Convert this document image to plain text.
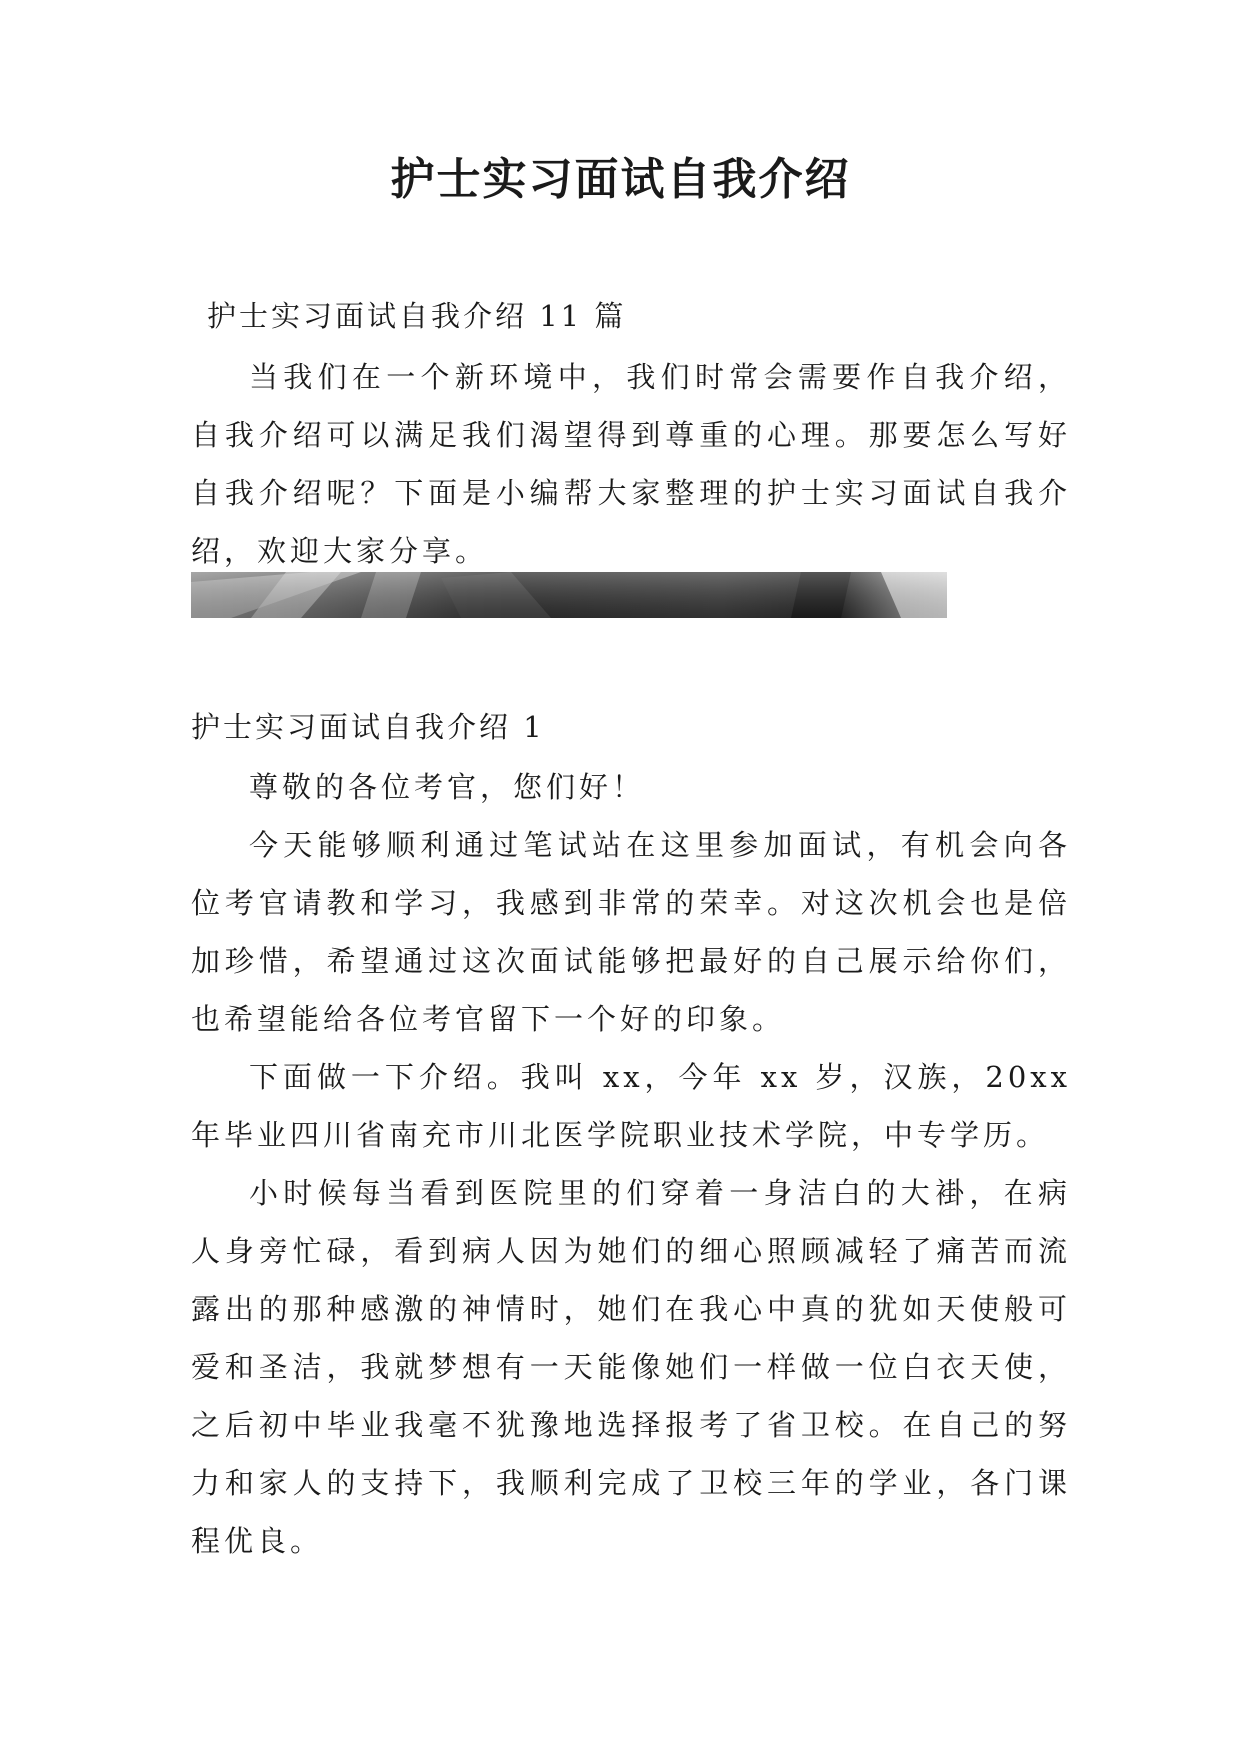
护士实习面试自我介绍

护士实习面试自我介绍 11 篇

当我们在一个新环境中，我们时常会需要作自我介绍，自我介绍可以满足我们渴望得到尊重的心理。那要怎么写好自我介绍呢？下面是小编帮大家整理的护士实习面试自我介绍，欢迎大家分享。

护士实习面试自我介绍 1

尊敬的各位考官，您们好！

今天能够顺利通过笔试站在这里参加面试，有机会向各位考官请教和学习，我感到非常的荣幸。对这次机会也是倍加珍惜，希望通过这次面试能够把最好的自己展示给你们，也希望能给各位考官留下一个好的印象。

下面做一下介绍。我叫 xx，今年 xx 岁，汉族，20xx 年毕业四川省南充市川北医学院职业技术学院，中专学历。

小时候每当看到医院里的们穿着一身洁白的大褂，在病人身旁忙碌，看到病人因为她们的细心照顾减轻了痛苦而流露出的那种感激的神情时，她们在我心中真的犹如天使般可爱和圣洁，我就梦想有一天能像她们一样做一位白衣天使，之后初中毕业我毫不犹豫地选择报考了省卫校。在自己的努力和家人的支持下，我顺利完成了卫校三年的学业，各门课程优良。
